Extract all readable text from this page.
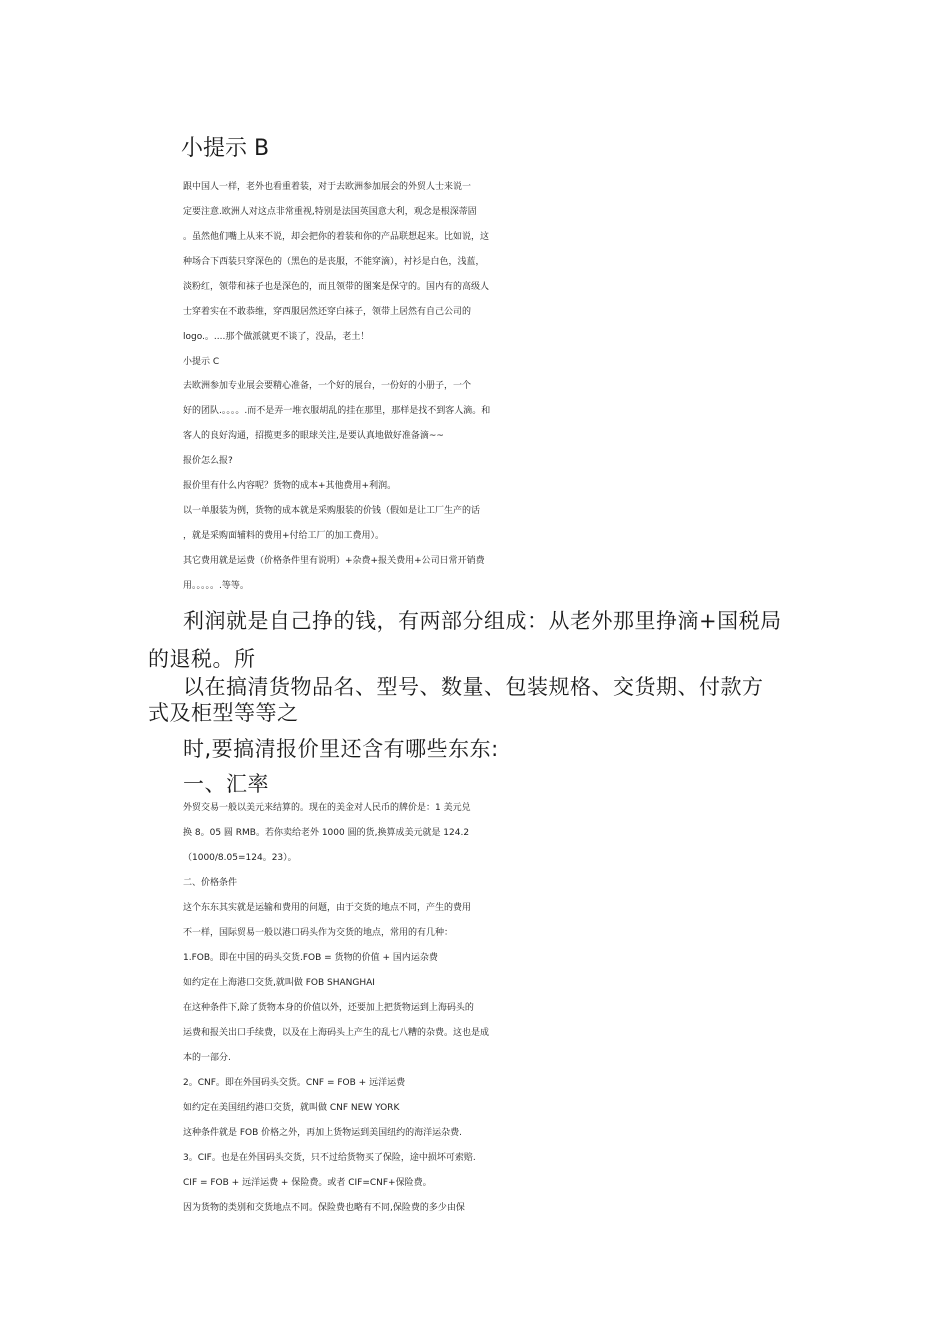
小提示 B
跟中国人一样，老外也看重着装，对于去欧洲参加展会的外贸人士来说一
定要注意.欧洲人对这点非常重视,特别是法国英国意大利，观念是根深蒂固
。虽然他们嘴上从来不说，却会把你的着装和你的产品联想起来。比如说，这
种场合下西装只穿深色的（黑色的是丧服，不能穿滴），衬衫是白色，浅蓝，
淡粉红，领带和袜子也是深色的，而且领带的图案是保守的。国内有的高级人
士穿着实在不敢恭维，穿西服居然还穿白袜子，领带上居然有自己公司的
logo.。....那个做派就更不谈了，没品，老土！
小提示 C
去欧洲参加专业展会要精心准备，一个好的展台，一份好的小册子，一个
好的团队.。。。。.而不是弄一堆衣服胡乱的挂在那里，那样是找不到客人滴。和
客人的良好沟通，招揽更多的眼球关注,是要认真地做好准备滴~~
报价怎么报?
报价里有什么内容呢？货物的成本+其他费用+利润。
以一单服装为例，货物的成本就是采购服装的价钱（假如是让工厂生产的话
，就是采购面辅料的费用+付给工厂的加工费用）。
其它费用就是运费（价格条件里有说明）+杂费+报关费用+公司日常开销费
用。。。。。.等等。
利润就是自己挣的钱，有两部分组成：从老外那里挣滴+国税局
的退税。所
以在搞清货物品名、型号、数量、包装规格、交货期、付款方
式及柜型等等之
时,要搞清报价里还含有哪些东东:
一、汇率
外贸交易一般以美元来结算的。现在的美金对人民币的牌价是：1 美元兑
换 8。05 圆 RMB。若你卖给老外 1000 圆的货,换算成美元就是 124.2
（1000/8.05=124。23）。
二、价格条件
这个东东其实就是运输和费用的问题，由于交货的地点不同，产生的费用
不一样，国际贸易一般以港口码头作为交货的地点，常用的有几种：
1.FOB。即在中国的码头交货.FOB = 货物的价值 + 国内运杂费
如约定在上海港口交货,就叫做 FOB SHANGHAI
在这种条件下,除了货物本身的价值以外，还要加上把货物运到上海码头的
运费和报关出口手续费，以及在上海码头上产生的乱七八糟的杂费。这也是成
本的一部分.
2。CNF。即在外国码头交货。CNF = FOB + 远洋运费
如约定在美国纽约港口交货，就叫做 CNF NEW YORK
这种条件就是 FOB 价格之外，再加上货物运到美国纽约的海洋运杂费.
3。CIF。也是在外国码头交货，只不过给货物买了保险，途中损坏可索赔.
CIF = FOB + 远洋运费 + 保险费。或者 CIF=CNF+保险费。
因为货物的类别和交货地点不同。保险费也略有不同,保险费的多少由保
